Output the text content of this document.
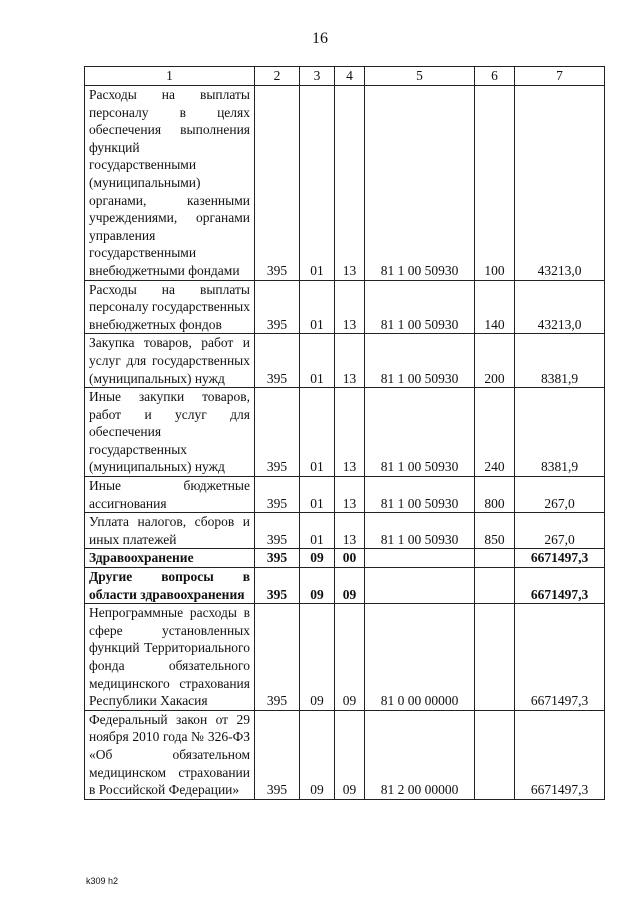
16
1	2	3	4	5	6	7
Расходы на выплаты персоналу в целях обеспечения выполнения функций государственными (муниципальными) органами, казенными учреждениями, органами управления государственными внебюджетными фондами	395	01	13	81 1 00 50930	100	43213,0
Расходы на выплаты персоналу государственных внебюджетных фондов	395	01	13	81 1 00 50930	140	43213,0
Закупка товаров, работ и услуг для государственных (муниципальных) нужд	395	01	13	81 1 00 50930	200	8381,9
Иные закупки товаров, работ и услуг для обеспечения государственных (муниципальных) нужд	395	01	13	81 1 00 50930	240	8381,9
Иные бюджетные ассигнования	395	01	13	81 1 00 50930	800	267,0
Уплата налогов, сборов и иных платежей	395	01	13	81 1 00 50930	850	267,0
Здравоохранение	395	09	00			6671497,3
Другие вопросы в области здравоохранения	395	09	09			6671497,3
Непрограммные расходы в сфере установленных функций Территориального фонда обязательного медицинского страхования Республики Хакасия	395	09	09	81 0 00 00000		6671497,3
Федеральный закон от 29 ноября 2010 года № 326-ФЗ «Об обязательном медицинском страховании в Российской Федерации»	395	09	09	81 2 00 00000		6671497,3
k309 h2
